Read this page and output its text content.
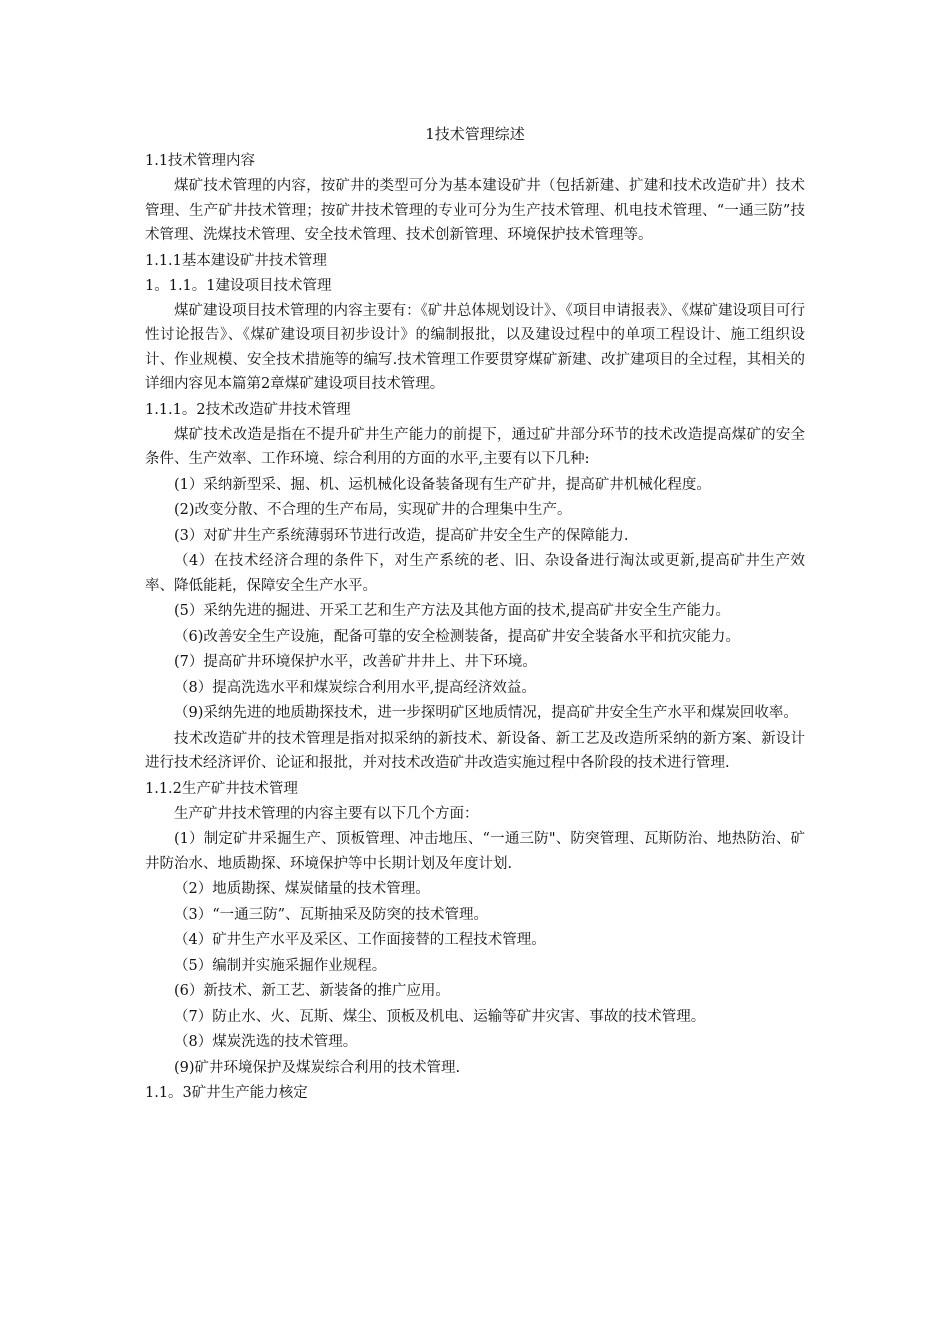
1技术管理综述
1.1技术管理内容
煤矿技术管理的内容，按矿井的类型可分为基本建设矿井（包括新建、扩建和技术改造矿井）技术管理、生产矿井技术管理；按矿井技术管理的专业可分为生产技术管理、机电技术管理、“一通三防”技术管理、洗煤技术管理、安全技术管理、技术创新管理、环境保护技术管理等。
1.1.1基本建设矿井技术管理
1。1.1。1建设项目技术管理
煤矿建设项目技术管理的内容主要有：《矿井总体规划设计》、《项目申请报表》、《煤矿建设项目可行性讨论报告》、《煤矿建设项目初步设计》的编制报批，以及建设过程中的单项工程设计、施工组织设计、作业规模、安全技术措施等的编写.技术管理工作要贯穿煤矿新建、改扩建项目的全过程，其相关的详细内容见本篇第2章煤矿建设项目技术管理。
1.1.1。2技术改造矿井技术管理
煤矿技术改造是指在不提升矿井生产能力的前提下，通过矿井部分环节的技术改造提高煤矿的安全条件、生产效率、工作环境、综合利用的方面的水平,主要有以下几种:
(1）采纳新型采、掘、机、运机械化设备装备现有生产矿井，提高矿井机械化程度。
(2)改变分散、不合理的生产布局，实现矿井的合理集中生产。
(3）对矿井生产系统薄弱环节进行改造，提高矿井安全生产的保障能力.
（4）在技术经济合理的条件下，对生产系统的老、旧、杂设备进行淘汰或更新,提高矿井生产效率、降低能耗，保障安全生产水平。
(5）采纳先进的掘进、开采工艺和生产方法及其他方面的技术,提高矿井安全生产能力。
（6)改善安全生产设施，配备可靠的安全检测装备，提高矿井安全装备水平和抗灾能力。
(7）提高矿井环境保护水平，改善矿井井上、井下环境。
（8）提高洗选水平和煤炭综合利用水平,提高经济效益。
（9)采纳先进的地质勘探技术，进一步探明矿区地质情况，提高矿井安全生产水平和煤炭回收率。
技术改造矿井的技术管理是指对拟采纳的新技术、新设备、新工艺及改造所采纳的新方案、新设计进行技术经济评价、论证和报批，并对技术改造矿井改造实施过程中各阶段的技术进行管理.
1.1.2生产矿井技术管理
生产矿井技术管理的内容主要有以下几个方面：
(1）制定矿井采掘生产、顶板管理、冲击地压、“一通三防"、防突管理、瓦斯防治、地热防治、矿井防治水、地质勘探、环境保护等中长期计划及年度计划.
（2）地质勘探、煤炭储量的技术管理。
（3）“一通三防”、瓦斯抽采及防突的技术管理。
（4）矿井生产水平及采区、工作面接替的工程技术管理。
（5）编制并实施采掘作业规程。
(6）新技术、新工艺、新装备的推广应用。
（7）防止水、火、瓦斯、煤尘、顶板及机电、运输等矿井灾害、事故的技术管理。
（8）煤炭洗选的技术管理。
(9)矿井环境保护及煤炭综合利用的技术管理.
1.1。3矿井生产能力核定
